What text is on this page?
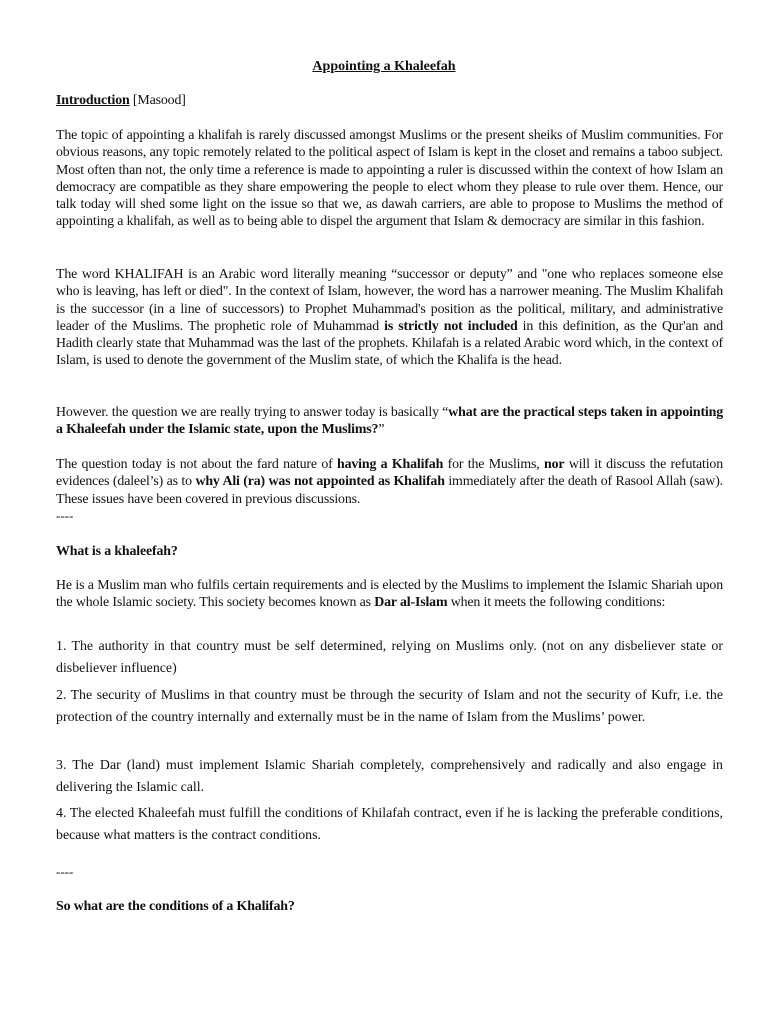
Appointing a Khaleefah

Introduction [Masood]

The topic of appointing a khalifah is rarely discussed amongst Muslims or the present sheiks of Muslim communities. For obvious reasons, any topic remotely related to the political aspect of Islam is kept in the closet and remains a taboo subject. Most often than not, the only time a reference is made to appointing a ruler is discussed within the context of how Islam an democracy are compatible as they share empowering the people to elect whom they please to rule over them. Hence, our talk today will shed some light on the issue so that we, as dawah carriers, are able to propose to Muslims the method of appointing a khalifah, as well as to being able to dispel the argument that Islam & democracy are similar in this fashion.

The word KHALIFAH is an Arabic word literally meaning “successor or deputy” and "one who replaces someone else who is leaving, has left or died". In the context of Islam, however, the word has a narrower meaning. The Muslim Khalifah is the successor (in a line of successors) to Prophet Muhammad's position as the political, military, and administrative leader of the Muslims. The prophetic role of Muhammad is strictly not included in this definition, as the Qur'an and Hadith clearly state that Muhammad was the last of the prophets. Khilafah is a related Arabic word which, in the context of Islam, is used to denote the government of the Muslim state, of which the Khalifa is the head.

However. the question we are really trying to answer today is basically “what are the practical steps taken in appointing a Khaleefah under the Islamic state, upon the Muslims?”

The question today is not about the fard nature of having a Khalifah for the Muslims, nor will it discuss the refutation evidences (daleel’s) as to why Ali (ra) was not appointed as Khalifah immediately after the death of Rasool Allah (saw). These issues have been covered in previous discussions.

----

What is a khaleefah?

He is a Muslim man who fulfils certain requirements and is elected by the Muslims to implement the Islamic Shariah upon the whole Islamic society. This society becomes known as Dar al-Islam when it meets the following conditions:

1. The authority in that country must be self determined, relying on Muslims only. (not on any disbeliever state or disbeliever influence)

2. The security of Muslims in that country must be through the security of Islam and not the security of Kufr, i.e. the protection of the country internally and externally must be in the name of Islam from the Muslims’ power.

3. The Dar (land) must implement Islamic Shariah completely, comprehensively and radically and also engage in delivering the Islamic call.

4. The elected Khaleefah must fulfill the conditions of Khilafah contract, even if he is lacking the preferable conditions, because what matters is the contract conditions.

----

So what are the conditions of a Khalifah?
